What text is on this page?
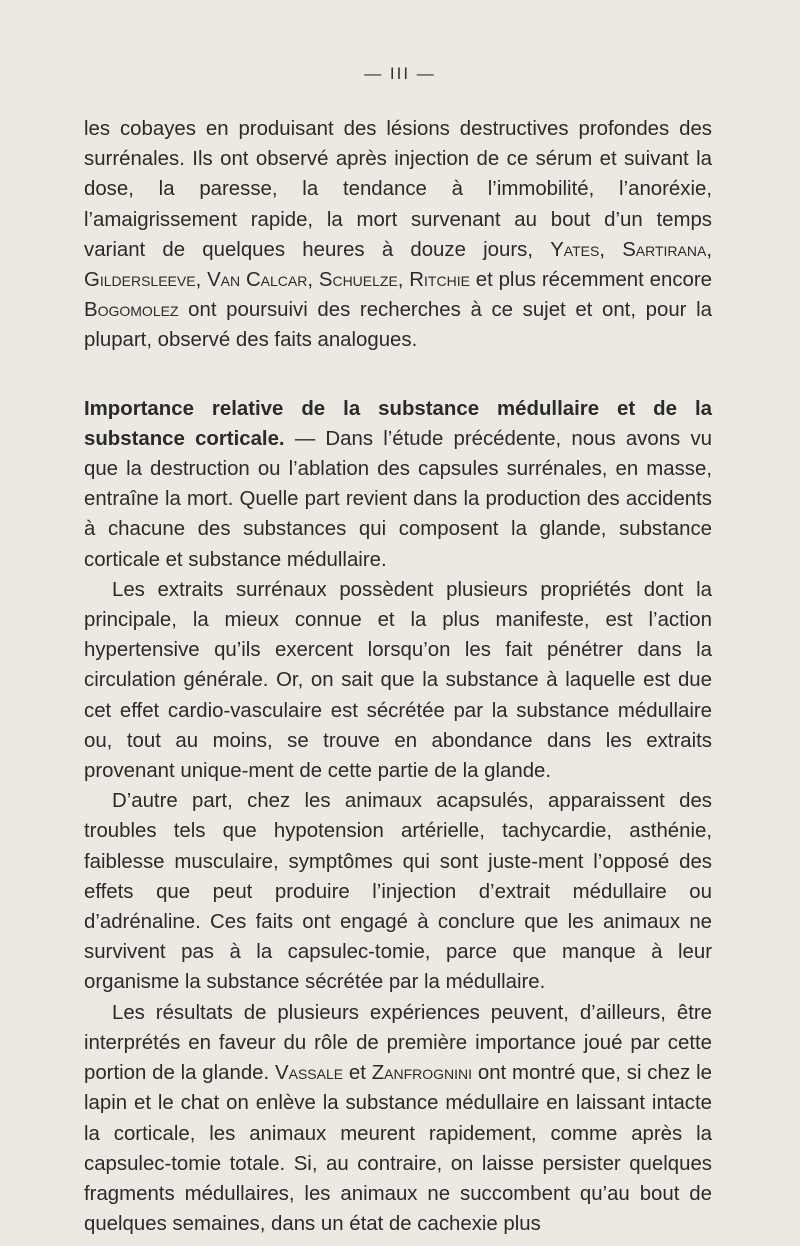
— III —

les cobayes en produisant des lésions destructives profondes des surrénales. Ils ont observé après injection de ce sérum et suivant la dose, la paresse, la tendance à l’immobilité, l’anoréxie, l’amaigrissement rapide, la mort survenant au bout d’un temps variant de quelques heures à douze jours, Yates, Sartirana, Gildersleeve, Van Calcar, Schuelze, Ritchie et plus récemment encore Bogomolez ont poursuivi des recherches à ce sujet et ont, pour la plupart, observé des faits analogues.

Importance relative de la substance médullaire et de la substance corticale. — Dans l’étude précédente, nous avons vu que la destruction ou l’ablation des capsules surrénales, en masse, entraîne la mort. Quelle part revient dans la production des accidents à chacune des substances qui composent la glande, substance corticale et substance médullaire.

Les extraits surrénaux possèdent plusieurs propriétés dont la principale, la mieux connue et la plus manifeste, est l’action hypertensive qu’ils exercent lorsqu’on les fait pénétrer dans la circulation générale. Or, on sait que la substance à laquelle est due cet effet cardio-vasculaire est sécrétée par la substance médullaire ou, tout au moins, se trouve en abondance dans les extraits provenant unique-ment de cette partie de la glande.

D’autre part, chez les animaux acapsulés, apparaissent des troubles tels que hypotension artérielle, tachycardie, asthénie, faiblesse musculaire, symptômes qui sont juste-ment l’opposé des effets que peut produire l’injection d’extrait médullaire ou d’adrénaline. Ces faits ont engagé à conclure que les animaux ne survivent pas à la capsulec-tomie, parce que manque à leur organisme la substance sécrétée par la médullaire.

Les résultats de plusieurs expériences peuvent, d’ailleurs, être interprétés en faveur du rôle de première importance joué par cette portion de la glande. Vassale et Zanfrognini ont montré que, si chez le lapin et le chat on enlève la substance médullaire en laissant intacte la corticale, les animaux meurent rapidement, comme après la capsulec-tomie totale. Si, au contraire, on laisse persister quelques fragments médullaires, les animaux ne succombent qu’au bout de quelques semaines, dans un état de cachexie plus
